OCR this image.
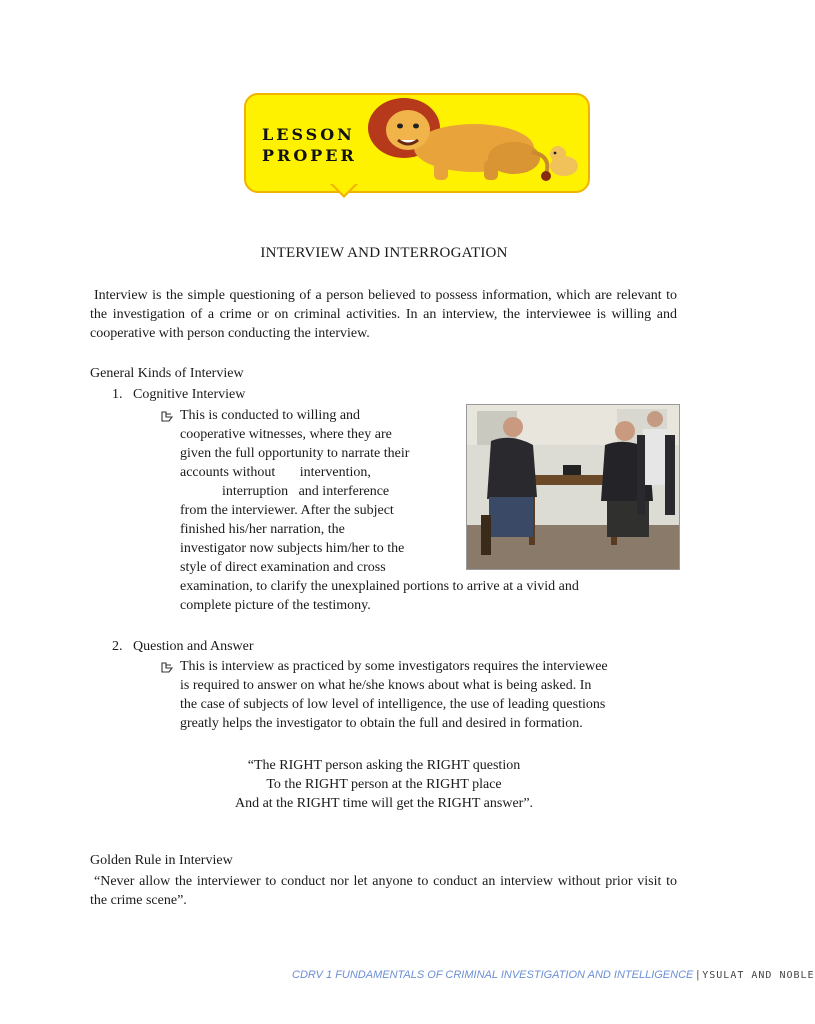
LESSON
PROPER
INTERVIEW AND INTERROGATION
Interview is the simple questioning of a person believed to possess information, which are relevant to the investigation of a crime or on criminal activities. In an interview, the interviewee is willing and cooperative with person conducting the interview.
General Kinds of Interview
1.   Cognitive Interview
This is conducted to willing and
cooperative witnesses, where they are
given the full opportunity to narrate their
accounts without       intervention,
interruption   and interference
from the interviewer. After the subject
finished his/her narration, the
investigator now subjects him/her to the
style of direct examination and cross
examination, to clarify the unexplained portions to arrive at a vivid and
complete picture of the testimony.
2.   Question and Answer
This is interview as practiced by some investigators requires the interviewee
is required to answer on what he/she knows about what is being asked. In
the case of subjects of low level of intelligence, the use of leading questions
greatly helps the investigator to obtain the full and desired in formation.
“The RIGHT person asking the RIGHT question
To the RIGHT person at the RIGHT place
And at the RIGHT time will get the RIGHT answer”.
Golden Rule in Interview
“Never allow the interviewer to conduct nor let anyone to conduct an interview without prior visit to the crime scene”.
CDRV 1 FUNDAMENTALS OF CRIMINAL INVESTIGATION AND INTELLIGENCE | YSULAT AND NOBLE
